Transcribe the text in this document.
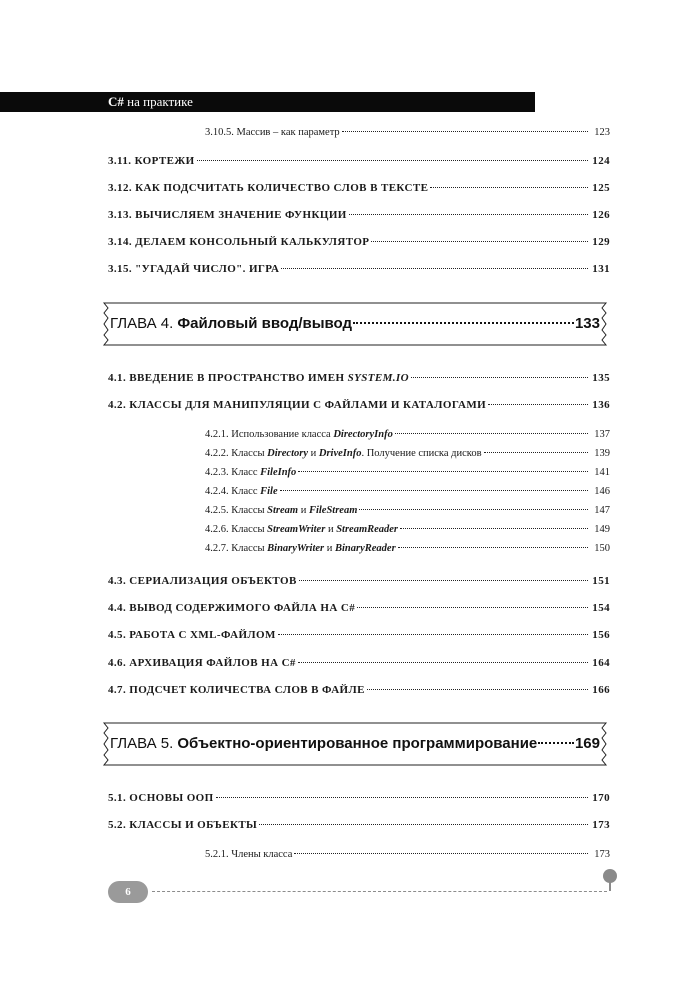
C# на практике
3.10.5. Массив – как параметр	123
3.11. КОРТЕЖИ	124
3.12. КАК ПОДСЧИТАТЬ КОЛИЧЕСТВО СЛОВ В ТЕКСТЕ	125
3.13. ВЫЧИСЛЯЕМ ЗНАЧЕНИЕ ФУНКЦИИ	126
3.14. ДЕЛАЕМ КОНСОЛЬНЫЙ КАЛЬКУЛЯТОР	129
3.15. "УГАДАЙ ЧИСЛО". ИГРА	131
ГЛАВА 4. Файловый ввод/вывод	133
4.1. ВВЕДЕНИЕ В ПРОСТРАНСТВО ИМЕН SYSTEM.IO	135
4.2. КЛАССЫ ДЛЯ МАНИПУЛЯЦИИ С ФАЙЛАМИ И КАТАЛОГАМИ	136
4.2.1. Использование класса DirectoryInfo	137
4.2.2. Классы Directory и DriveInfo. Получение списка дисков	139
4.2.3. Класс FileInfo	141
4.2.4. Класс File	146
4.2.5. Классы Stream и FileStream	147
4.2.6. Классы StreamWriter и StreamReader	149
4.2.7. Классы BinaryWriter и BinaryReader	150
4.3. СЕРИАЛИЗАЦИЯ ОБЪЕКТОВ	151
4.4. ВЫВОД СОДЕРЖИМОГО ФАЙЛА НА C#	154
4.5. РАБОТА С XML-ФАЙЛОМ	156
4.6. АРХИВАЦИЯ ФАЙЛОВ НА C#	164
4.7. ПОДСЧЕТ КОЛИЧЕСТВА СЛОВ В ФАЙЛЕ	166
ГЛАВА 5. Объектно-ориентированное программирование	169
5.1. ОСНОВЫ ООП	170
5.2. КЛАССЫ И ОБЪЕКТЫ	173
5.2.1. Члены класса	173
6
